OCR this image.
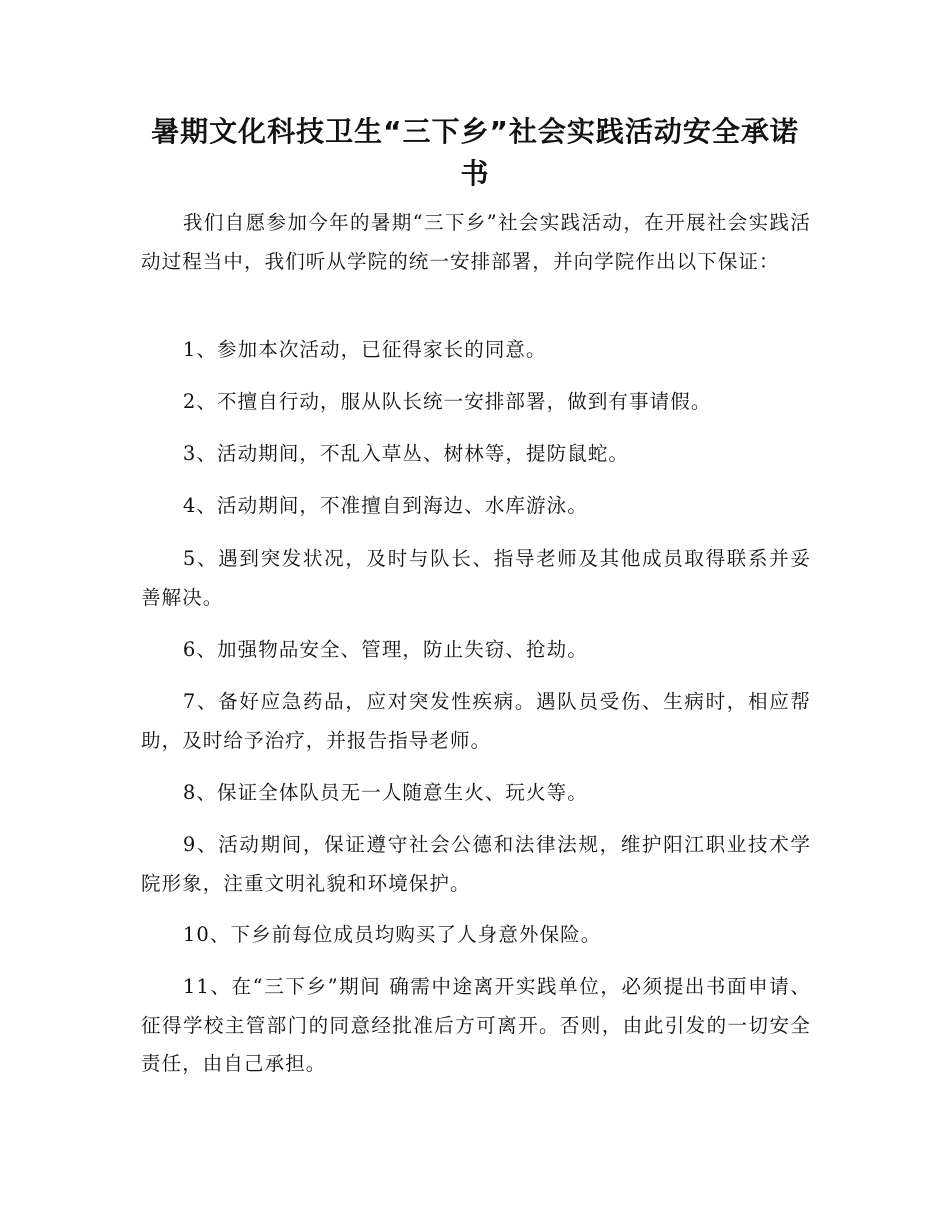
暑期文化科技卫生“三下乡”社会实践活动安全承诺书

我们自愿参加今年的暑期“三下乡”社会实践活动，在开展社会实践活动过程当中，我们听从学院的统一安排部署，并向学院作出以下保证：

1、参加本次活动，已征得家长的同意。

2、不擅自行动，服从队长统一安排部署，做到有事请假。

3、活动期间，不乱入草丛、树林等，提防鼠蛇。

4、活动期间，不准擅自到海边、水库游泳。

5、遇到突发状况，及时与队长、指导老师及其他成员取得联系并妥善解决。

6、加强物品安全、管理，防止失窃、抢劫。

7、备好应急药品，应对突发性疾病。遇队员受伤、生病时，相应帮助，及时给予治疗，并报告指导老师。

8、保证全体队员无一人随意生火、玩火等。

9、活动期间，保证遵守社会公德和法律法规，维护阳江职业技术学院形象，注重文明礼貌和环境保护。

10、下乡前每位成员均购买了人身意外保险。

11、在“三下乡”期间 确需中途离开实践单位，必须提出书面申请、征得学校主管部门的同意经批准后方可离开。否则，由此引发的一切安全责任，由自己承担。
